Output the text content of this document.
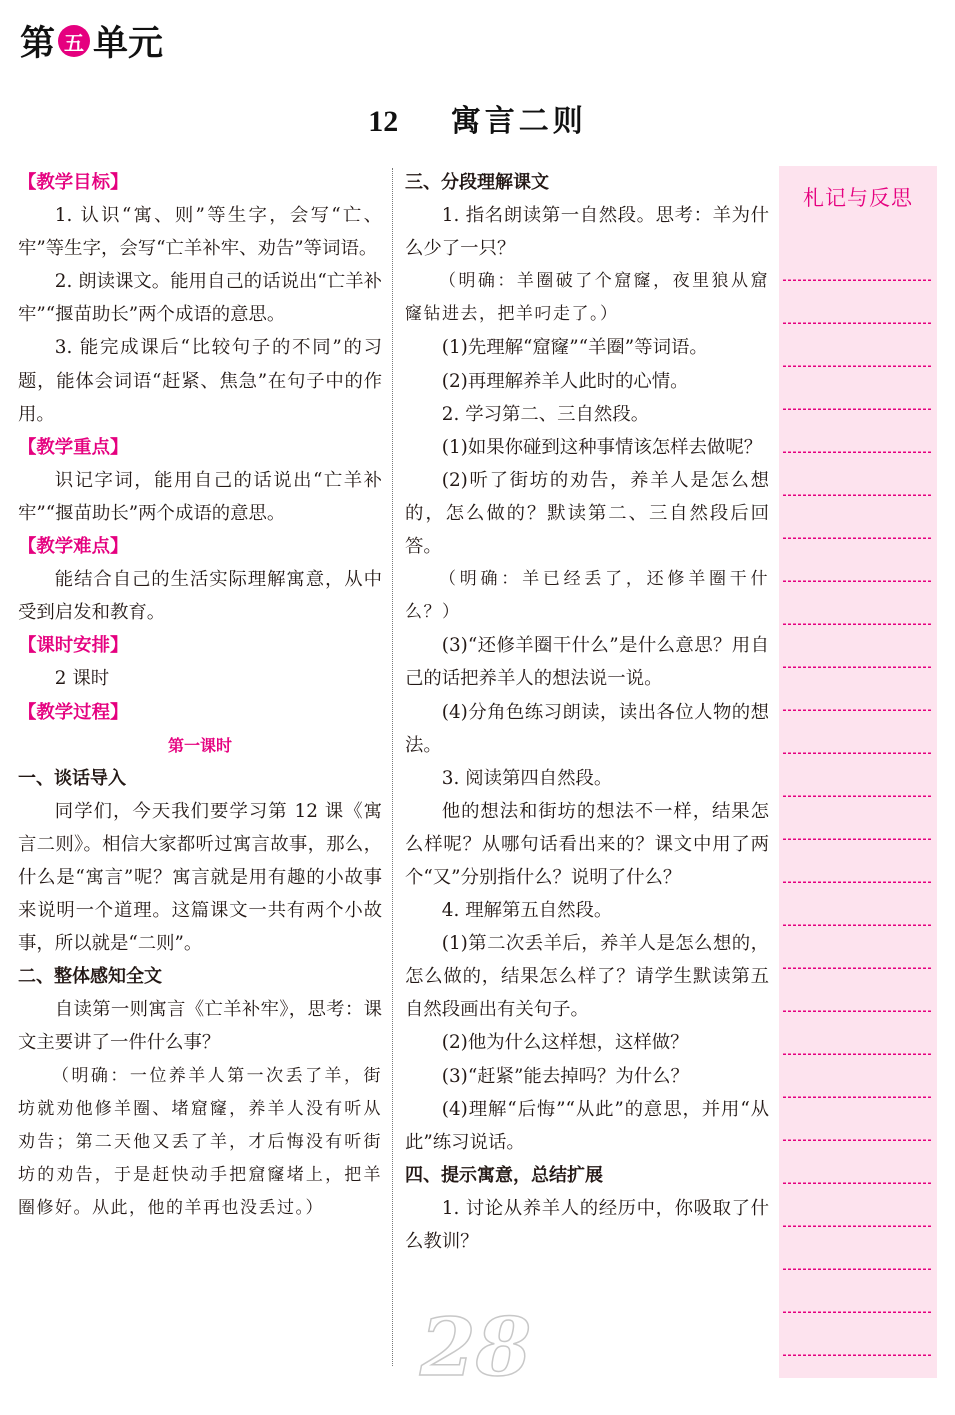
第 五 单元
12 寓言二则
【教学目标】
1. 认识“寓、则”等生字，会写“亡、牢”等生字，会写“亡羊补牢、劝告”等词语。
2. 朗读课文。能用自己的话说出“亡羊补牢”“揠苗助长”两个成语的意思。
3. 能完成课后“比较句子的不同”的习题，能体会词语“赶紧、焦急”在句子中的作用。
【教学重点】
识记字词，能用自己的话说出“亡羊补牢”“揠苗助长”两个成语的意思。
【教学难点】
能结合自己的生活实际理解寓意，从中受到启发和教育。
【课时安排】
2 课时
【教学过程】
第一课时
一、谈话导入
同学们，今天我们要学习第 12 课《寓言二则》。相信大家都听过寓言故事，那么，什么是“寓言”呢？寓言就是用有趣的小故事来说明一个道理。这篇课文一共有两个小故事，所以就是“二则”。
二、整体感知全文
自读第一则寓言《亡羊补牢》，思考：课文主要讲了一件什么事？
（明确：一位养羊人第一次丢了羊，街坊就劝他修羊圈、堵窟窿，养羊人没有听从劝告；第二天他又丢了羊，才后悔没有听街坊的劝告，于是赶快动手把窟窿堵上，把羊圈修好。从此，他的羊再也没丢过。）
三、分段理解课文
1. 指名朗读第一自然段。思考：羊为什么少了一只？
（明确：羊圈破了个窟窿，夜里狼从窟窿钻进去，把羊叼走了。）
(1)先理解“窟窿”“羊圈”等词语。
(2)再理解养羊人此时的心情。
2. 学习第二、三自然段。
(1)如果你碰到这种事情该怎样去做呢？
(2)听了街坊的劝告，养羊人是怎么想的，怎么做的？默读第二、三自然段后回答。
（明确：羊已经丢了，还修羊圈干什么？）
(3)“还修羊圈干什么”是什么意思？用自己的话把养羊人的想法说一说。
(4)分角色练习朗读，读出各位人物的想法。
3. 阅读第四自然段。
他的想法和街坊的想法不一样，结果怎么样呢？从哪句话看出来的？课文中用了两个“又”分别指什么？说明了什么？
4. 理解第五自然段。
(1)第二次丢羊后，养羊人是怎么想的，怎么做的，结果怎么样了？请学生默读第五自然段画出有关句子。
(2)他为什么这样想，这样做？
(3)“赶紧”能去掉吗？为什么？
(4)理解“后悔”“从此”的意思，并用“从此”练习说话。
四、提示寓意，总结扩展
1. 讨论从养羊人的经历中，你吸取了什么教训？
札记与反思
28
